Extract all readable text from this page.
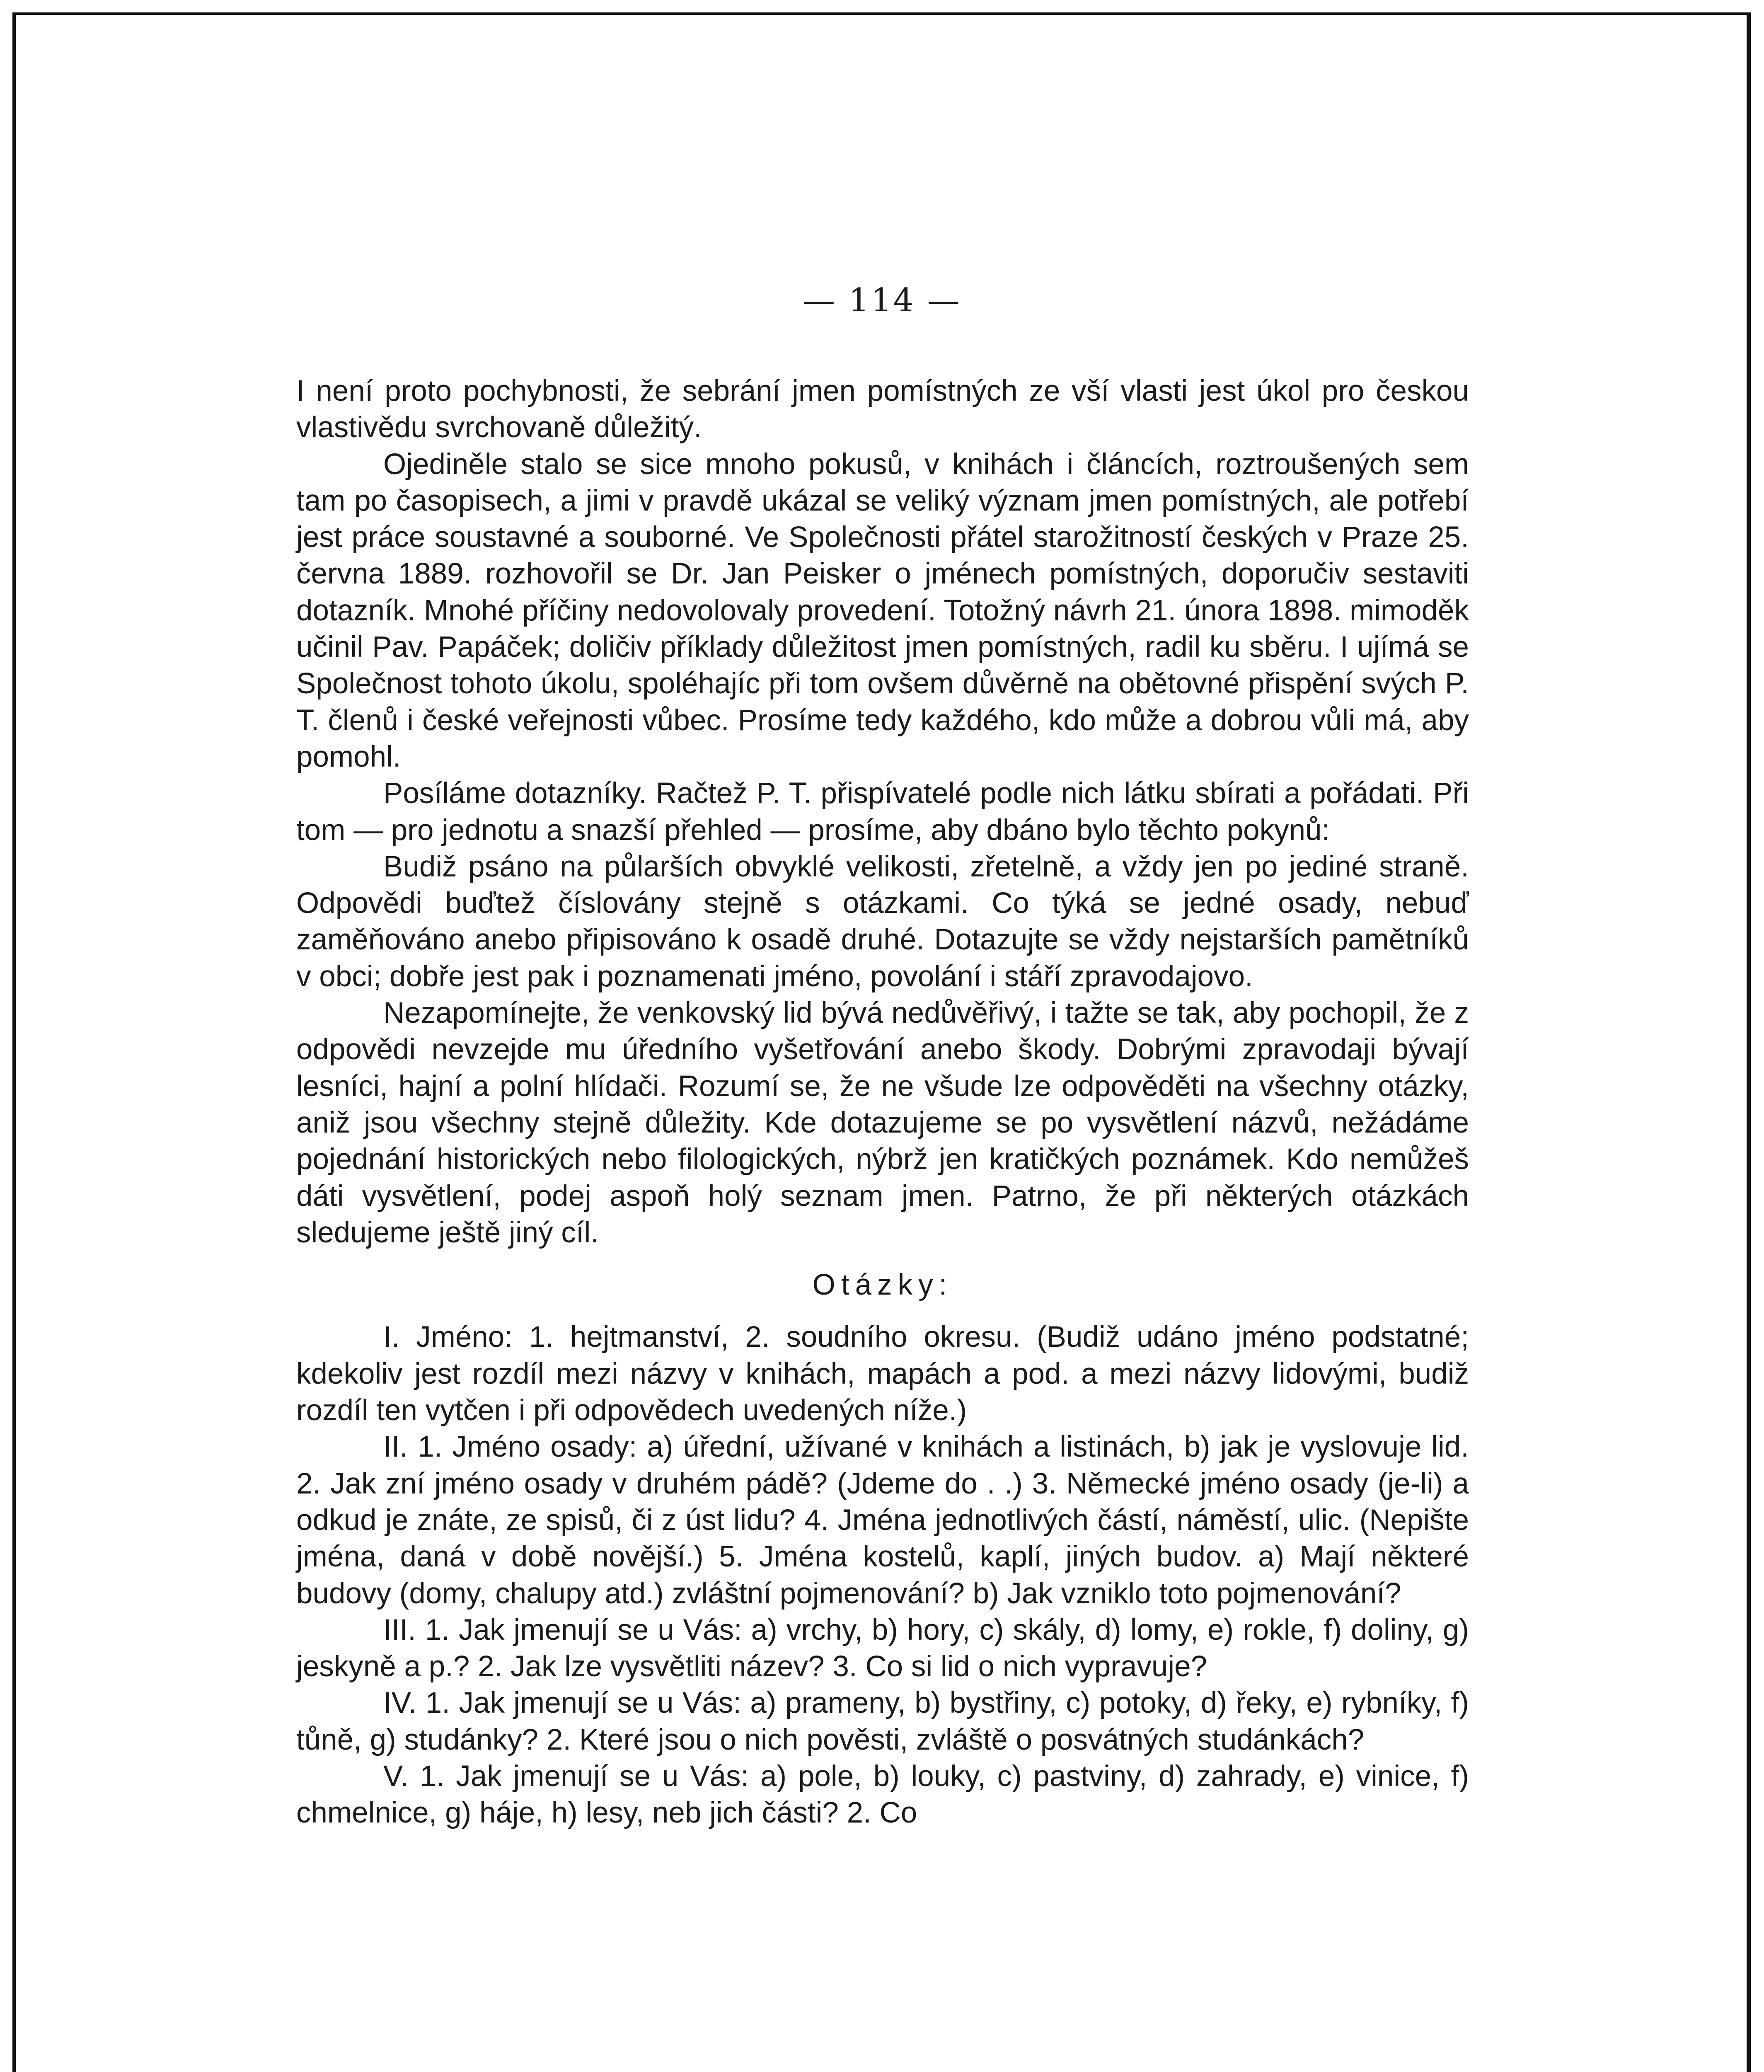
— 114 —

I není proto pochybnosti, že sebrání jmen pomístných ze vší vlasti jest úkol pro českou vlastivědu svrchovaně důležitý.

Ojediněle stalo se sice mnoho pokusů, v knihách i článcích, roztroušených sem tam po časopisech, a jimi v pravdě ukázal se veliký význam jmen pomístných, ale potřebí jest práce soustavné a souborné. Ve Společnosti přátel starožitností českých v Praze 25. června 1889. rozhovořil se Dr. Jan Peisker o jménech pomístných, doporučiv sestaviti dotazník. Mnohé příčiny nedovolovaly provedení. Totožný návrh 21. února 1898. mimoděk učinil Pav. Papáček; doličiv příklady důležitost jmen pomístných, radil ku sběru. I ujímá se Společnost tohoto úkolu, spoléhajíc při tom ovšem důvěrně na obětovné přispění svých P. T. členů i české veřejnosti vůbec. Prosíme tedy každého, kdo může a dobrou vůli má, aby pomohl.

Posíláme dotazníky. Račtež P. T. přispívatelé podle nich látku sbírati a pořádati. Při tom — pro jednotu a snazší přehled — prosíme, aby dbáno bylo těchto pokynů:

Budiž psáno na půlarších obvyklé velikosti, zřetelně, a vždy jen po jediné straně. Odpovědi buďtež číslovány stejně s otázkami. Co týká se jedné osady, nebuď zaměňováno anebo připisováno k osadě druhé. Dotazujte se vždy nejstarších pamětníků v obci; dobře jest pak i poznamenati jméno, povolání i stáří zpravodajovo.

Nezapomínejte, že venkovský lid bývá nedůvěřivý, i tažte se tak, aby pochopil, že z odpovědi nevzejde mu úředního vyšetřování anebo škody. Dobrými zpravodaji bývají lesníci, hajní a polní hlídači. Rozumí se, že ne všude lze odpověděti na všechny otázky, aniž jsou všechny stejně důležity. Kde dotazujeme se po vysvětlení názvů, nežádáme pojednání historických nebo filologických, nýbrž jen kratičkých poznámek. Kdo nemůžeš dáti vysvětlení, podej aspoň holý seznam jmen. Patrno, že při některých otázkách sledujeme ještě jiný cíl.

Otázky:

I. Jméno: 1. hejtmanství, 2. soudního okresu. (Budiž udáno jméno podstatné; kdekoliv jest rozdíl mezi názvy v knihách, mapách a pod. a mezi názvy lidovými, budiž rozdíl ten vytčen i při odpovědech uvedených níže.)

II. 1. Jméno osady: a) úřední, užívané v knihách a listinách, b) jak je vyslovuje lid. 2. Jak zní jméno osady v druhém pádě? (Jdeme do . .) 3. Německé jméno osady (je-li) a odkud je znáte, ze spisů, či z úst lidu? 4. Jména jednotlivých částí, náměstí, ulic. (Nepište jména, daná v době novější.) 5. Jména kostelů, kaplí, jiných budov. a) Mají některé budovy (domy, chalupy atd.) zvláštní pojmenování? b) Jak vzniklo toto pojmenování?

III. 1. Jak jmenují se u Vás: a) vrchy, b) hory, c) skály, d) lomy, e) rokle, f) doliny, g) jeskyně a p.? 2. Jak lze vysvětliti název? 3. Co si lid o nich vypravuje?

IV. 1. Jak jmenují se u Vás: a) prameny, b) bystřiny, c) potoky, d) řeky, e) rybníky, f) tůně, g) studánky? 2. Které jsou o nich pověsti, zvláště o posvátných studánkách?

V. 1. Jak jmenují se u Vás: a) pole, b) louky, c) pastviny, d) zahrady, e) vinice, f) chmelnice, g) háje, h) lesy, neb jich části? 2. Co
